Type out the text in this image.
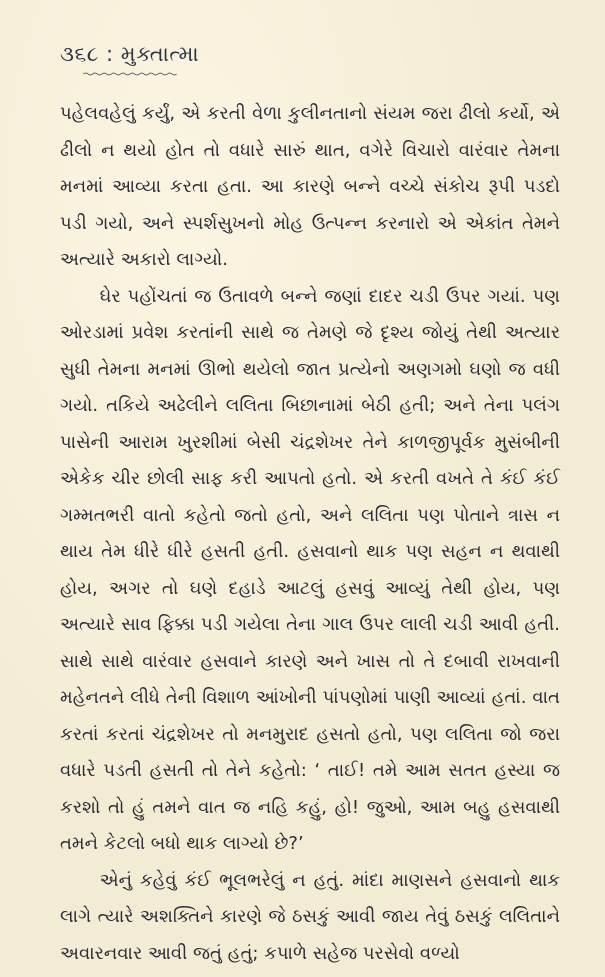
૩૬૮ : મુક્તાત્મા

પહેલવહેલું કર્યું, એ કરતી વેળા કુલીનતાનો સંયમ જરા ઢીલો કર્યો, એ ઢીલો ન થયો હોત તો વધારે સારું થાત, વગેરે વિચારો વારંવાર તેમના મનમાં આવ્યા કરતા હતા. આ કારણે બન્ને વચ્ચે સંકોચ રૂપી પડદો પડી ગયો, અને સ્પર્શસુખનો મોહ ઉત્પન્ન કરનારો એ એકાંત તેમને અત્યારે અકારો લાગ્યો.

ઘેર પહોંચતાં જ ઉતાવળે બન્ને જણાં દાદર ચડી ઉપર ગયાં. પણ ઓરડામાં પ્રવેશ કરતાંની સાથે જ તેમણે જે દૃશ્ય જોયું તેથી અત્યાર સુધી તેમના મનમાં ઊભો થયેલો જાત પ્રત્યેનો અણગમો ઘણો જ વધી ગયો. તકિયે અઢેલીને લલિતા બિછાનામાં બેઠી હતી; અને તેના પલંગ પાસેની આરામ ખુરશીમાં બેસી ચંદ્રશેખર તેને કાળજીપૂર્વક મુસંબીની એકેક ચીર છોલી સાફ કરી આપતો હતો. એ કરતી વખતે તે કંઈ કંઈ ગમ્મતભરી વાતો કહેતો જતો હતો, અને લલિતા પણ પોતાને ત્રાસ ન થાય તેમ ધીરે ધીરે હસતી હતી. હસવાનો થાક પણ સહન ન થવાથી હોય, અગર તો ઘણે દહાડે આટલું હસવું આવ્યું તેથી હોય, પણ અત્યારે સાવ ફિક્કા પડી ગયેલા તેના ગાલ ઉપર લાલી ચડી આવી હતી. સાથે સાથે વારંવાર હસવાને કારણે અને ખાસ તો તે દબાવી રાખવાની મહેનતને લીધે તેની વિશાળ આંખોની પાંપણોમાં પાણી આવ્યાં હતાં. વાત કરતાં કરતાં ચંદ્રશેખર તો મનમુરાદ હસતો હતો, પણ લલિતા જો જરા વધારે પડતી હસતી તો તેને કહેતો: ‘ તાઈ! તમે આમ સતત હસ્યા જ કરશો તો હું તમને વાત જ નહિ કહું, હો! જુઓ, આમ બહુ હસવાથી તમને કેટલો બધો થાક લાગ્યો છે?’

એનું કહેવું કંઈ ભૂલભરેલું ન હતું. માંદા માણસને હસવાનો થાક લાગે ત્યારે અશક્તિને કારણે જે ઠસકું આવી જાય તેવું ઠસકું લલિતાને અવારનવાર આવી જતું હતું; કપાળે સહેજ પરસેવો વળ્યો
